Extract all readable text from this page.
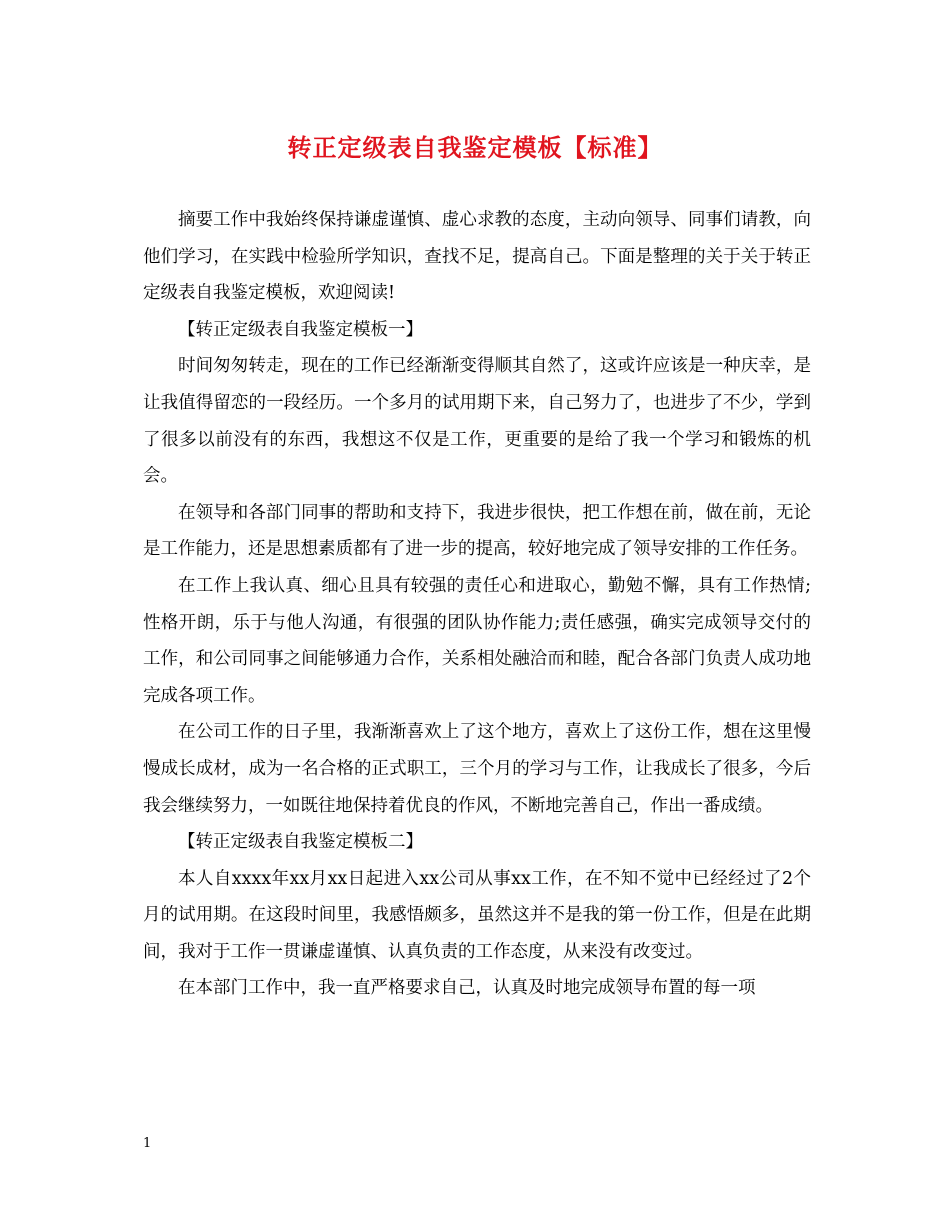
转正定级表自我鉴定模板【标准】

摘要工作中我始终保持谦虚谨慎、虚心求教的态度，主动向领导、同事们请教，向他们学习，在实践中检验所学知识，查找不足，提高自己。下面是整理的关于关于转正定级表自我鉴定模板，欢迎阅读!

【转正定级表自我鉴定模板一】

时间匆匆转走，现在的工作已经渐渐变得顺其自然了，这或许应该是一种庆幸，是让我值得留恋的一段经历。一个多月的试用期下来，自己努力了，也进步了不少，学到了很多以前没有的东西，我想这不仅是工作，更重要的是给了我一个学习和锻炼的机会。

在领导和各部门同事的帮助和支持下，我进步很快，把工作想在前，做在前，无论是工作能力，还是思想素质都有了进一步的提高，较好地完成了领导安排的工作任务。

在工作上我认真、细心且具有较强的责任心和进取心，勤勉不懈，具有工作热情;性格开朗，乐于与他人沟通，有很强的团队协作能力;责任感强，确实完成领导交付的工作，和公司同事之间能够通力合作，关系相处融洽而和睦，配合各部门负责人成功地完成各项工作。

在公司工作的日子里，我渐渐喜欢上了这个地方，喜欢上了这份工作，想在这里慢慢成长成材，成为一名合格的正式职工，三个月的学习与工作，让我成长了很多，今后我会继续努力，一如既往地保持着优良的作风，不断地完善自己，作出一番成绩。

【转正定级表自我鉴定模板二】

本人自xxxx年xx月xx日起进入xx公司从事xx工作，在不知不觉中已经经过了2个月的试用期。在这段时间里，我感悟颇多，虽然这并不是我的第一份工作，但是在此期间，我对于工作一贯谦虚谨慎、认真负责的工作态度，从来没有改变过。

在本部门工作中，我一直严格要求自己，认真及时地完成领导布置的每一项

1
